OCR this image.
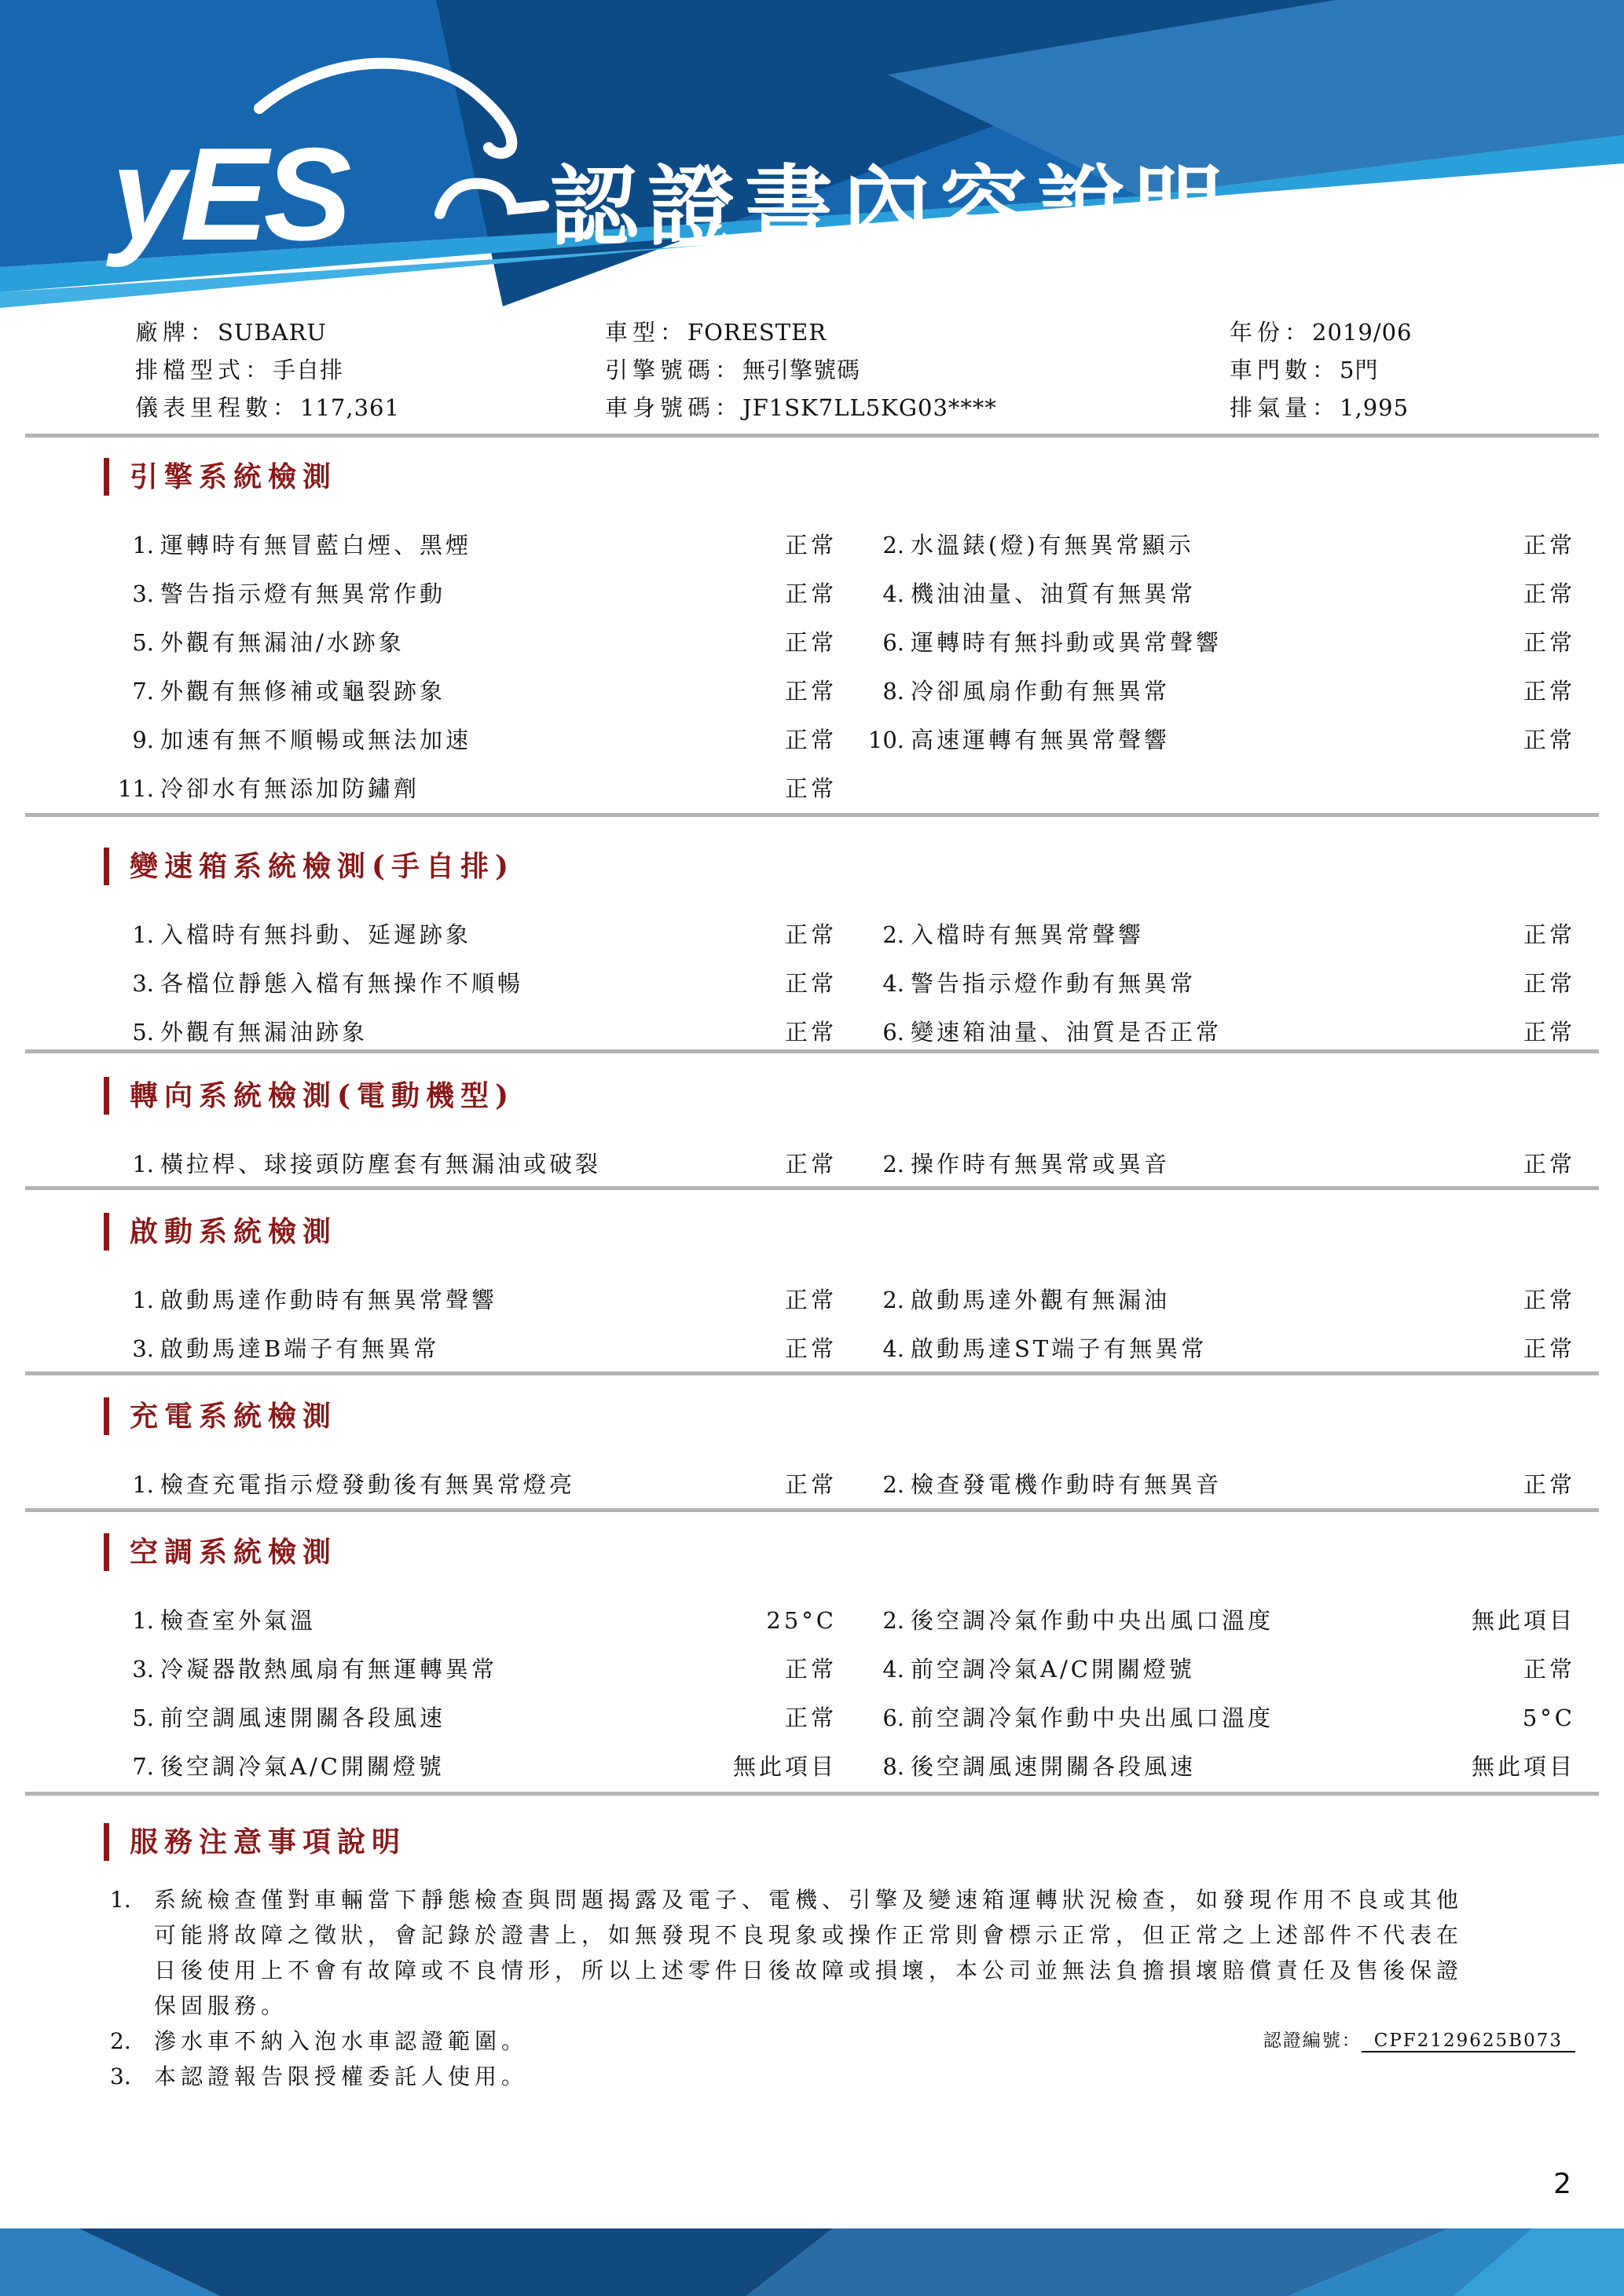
yES 認證書內容說明
廠牌：SUBARU	車型：FORESTER	年份：2019/06
排檔型式：手自排	引擎號碼：無引擎號碼	車門數：5門
儀表里程數：117,361	車身號碼：JF1SK7LL5KG03****	排氣量：1,995
引擎系統檢測
1. 運轉時有無冒藍白煙、黑煙	正常	2. 水溫錶(燈)有無異常顯示	正常
3. 警告指示燈有無異常作動	正常	4. 機油油量、油質有無異常	正常
5. 外觀有無漏油/水跡象	正常	6. 運轉時有無抖動或異常聲響	正常
7. 外觀有無修補或龜裂跡象	正常	8. 冷卻風扇作動有無異常	正常
9. 加速有無不順暢或無法加速	正常	10. 高速運轉有無異常聲響	正常
11. 冷卻水有無添加防鏽劑	正常
變速箱系統檢測(手自排)
1. 入檔時有無抖動、延遲跡象	正常	2. 入檔時有無異常聲響	正常
3. 各檔位靜態入檔有無操作不順暢	正常	4. 警告指示燈作動有無異常	正常
5. 外觀有無漏油跡象	正常	6. 變速箱油量、油質是否正常	正常
轉向系統檢測(電動機型)
1. 橫拉桿、球接頭防塵套有無漏油或破裂	正常	2. 操作時有無異常或異音	正常
啟動系統檢測
1. 啟動馬達作動時有無異常聲響	正常	2. 啟動馬達外觀有無漏油	正常
3. 啟動馬達B端子有無異常	正常	4. 啟動馬達ST端子有無異常	正常
充電系統檢測
1. 檢查充電指示燈發動後有無異常燈亮	正常	2. 檢查發電機作動時有無異音	正常
空調系統檢測
1. 檢查室外氣溫	25°C	2. 後空調冷氣作動中央出風口溫度	無此項目
3. 冷凝器散熱風扇有無運轉異常	正常	4. 前空調冷氣A/C開關燈號	正常
5. 前空調風速開關各段風速	正常	6. 前空調冷氣作動中央出風口溫度	5°C
7. 後空調冷氣A/C開關燈號	無此項目	8. 後空調風速開關各段風速	無此項目
服務注意事項說明
1.	系統檢查僅對車輛當下靜態檢查與問題揭露及電子、電機、引擎及變速箱運轉狀況檢查，如發現作用不良或其他可能將故障之徵狀，會記錄於證書上，如無發現不良現象或操作正常則會標示正常，但正常之上述部件不代表在日後使用上不會有故障或不良情形，所以上述零件日後故障或損壞，本公司並無法負擔損壞賠償責任及售後保證保固服務。
2.	滲水車不納入泡水車認證範圍。
3.	本認證報告限授權委託人使用。
認證編號： CPF2129625B073
2
